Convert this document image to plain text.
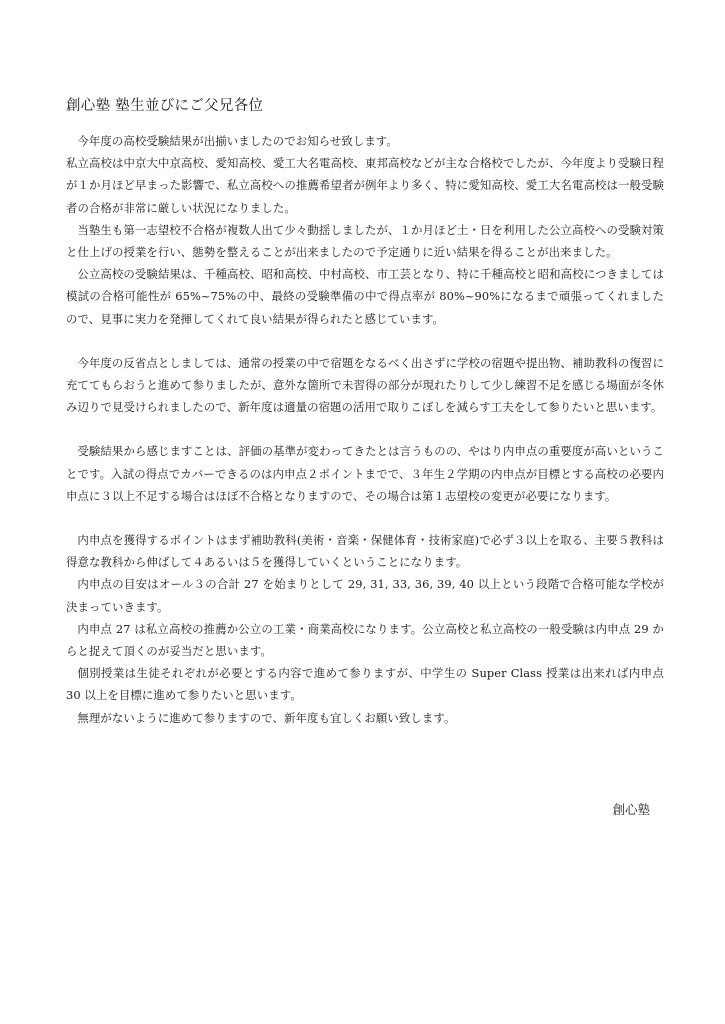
創心塾 塾生並びにご父兄各位

今年度の高校受験結果が出揃いましたのでお知らせ致します。

私立高校は中京大中京高校、愛知高校、愛工大名電高校、東邦高校などが主な合格校でしたが、今年度より受験日程が１か月ほど早まった影響で、私立高校への推薦希望者が例年より多く、特に愛知高校、愛工大名電高校は一般受験者の合格が非常に厳しい状況になりました。

当塾生も第一志望校不合格が複数人出て少々動揺しましたが、１か月ほど土・日を利用した公立高校への受験対策と仕上げの授業を行い、態勢を整えることが出来ましたので予定通りに近い結果を得ることが出来ました。

公立高校の受験結果は、千種高校、昭和高校、中村高校、市工芸となり、特に千種高校と昭和高校につきましては模試の合格可能性が 65%~75%の中、最終の受験準備の中で得点率が 80%~90%になるまで頑張ってくれましたので、見事に実力を発揮してくれて良い結果が得られたと感じています。

今年度の反省点としましては、通常の授業の中で宿題をなるべく出さずに学校の宿題や提出物、補助教科の復習に充ててもらおうと進めて参りましたが、意外な箇所で未習得の部分が現れたりして少し練習不足を感じる場面が冬休み辺りで見受けられましたので、新年度は適量の宿題の活用で取りこぼしを減らす工夫をして参りたいと思います。

受験結果から感じますことは、評価の基準が変わってきたとは言うものの、やはり内申点の重要度が高いということです。入試の得点でカバーできるのは内申点２ポイントまでで、３年生２学期の内申点が目標とする高校の必要内申点に３以上不足する場合はほぼ不合格となりますので、その場合は第１志望校の変更が必要になります。

内申点を獲得するポイントはまず補助教科(美術・音楽・保健体育・技術家庭)で必ず３以上を取る、主要５教科は得意な教科から伸ばして４あるいは５を獲得していくということになります。

内申点の目安はオール３の合計 27 を始まりとして 29, 31, 33, 36, 39, 40 以上という段階で合格可能な学校が決まっていきます。

内申点 27 は私立高校の推薦か公立の工業・商業高校になります。公立高校と私立高校の一般受験は内申点 29 からと捉えて頂くのが妥当だと思います。

個別授業は生徒それぞれが必要とする内容で進めて参りますが、中学生の Super Class 授業は出来れば内申点 30 以上を目標に進めて参りたいと思います。

無理がないように進めて参りますので、新年度も宜しくお願い致します。

創心塾
